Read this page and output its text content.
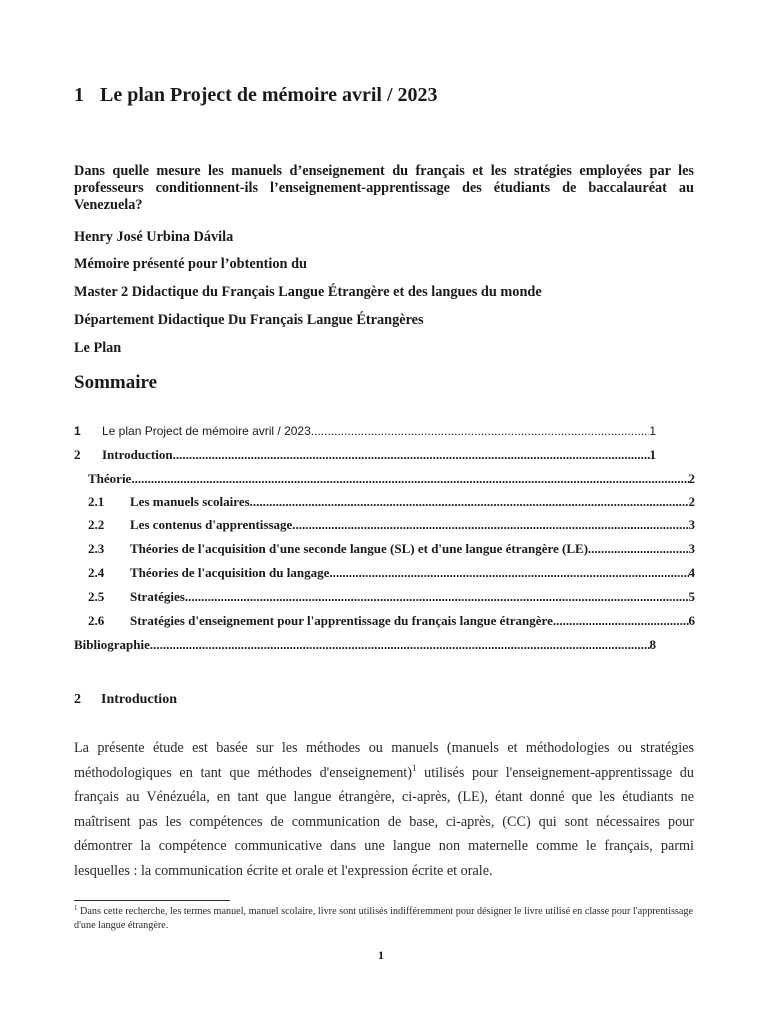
1 Le plan Project de mémoire avril / 2023
Dans quelle mesure les manuels d’enseignement du français et les stratégies employées par les professeurs conditionnent-ils l’enseignement-apprentissage des étudiants de baccalauréat au Venezuela?
Henry José Urbina Dávila
Mémoire présenté pour l’obtention du
Master 2 Didactique du Français Langue Étrangère et des langues du monde
Département Didactique Du Français Langue Étrangères
Le Plan
Sommaire
1	Le plan Project de mémoire avril / 2023 .....	1
2	Introduction .....	1
Théorie .....	2
2.1	Les manuels scolaires .....	2
2.2	Les contenus d'apprentissage .....	3
2.3	Théories de l'acquisition d'une seconde langue (SL) et d'une langue étrangère (LE) .....	3
2.4	Théories de l'acquisition du langage .....	4
2.5	Stratégies .....	5
2.6	Stratégies d'enseignement pour l'apprentissage du français langue étrangère .....	6
Bibliographie .....	8
2 Introduction
La présente étude est basée sur les méthodes ou manuels (manuels et méthodologies ou stratégies méthodologiques en tant que méthodes d'enseignement)$^1$ utilisés pour l'enseignement-apprentissage du français au Vénézuéla, en tant que langue étrangère, ci-après, (LE), étant donné que les étudiants ne maîtrisent pas les compétences de communication de base, ci-après, (CC) qui sont nécessaires pour démontrer la compétence communicative dans une langue non maternelle comme le français, parmi lesquelles : la communication écrite et orale et l'expression écrite et orale.
$^1$ Dans cette recherche, les termes manuel, manuel scolaire, livre sont utilisés indifféremment pour désigner le livre utilisé en classe pour l'apprentissage d'une langue étrangère.
1
